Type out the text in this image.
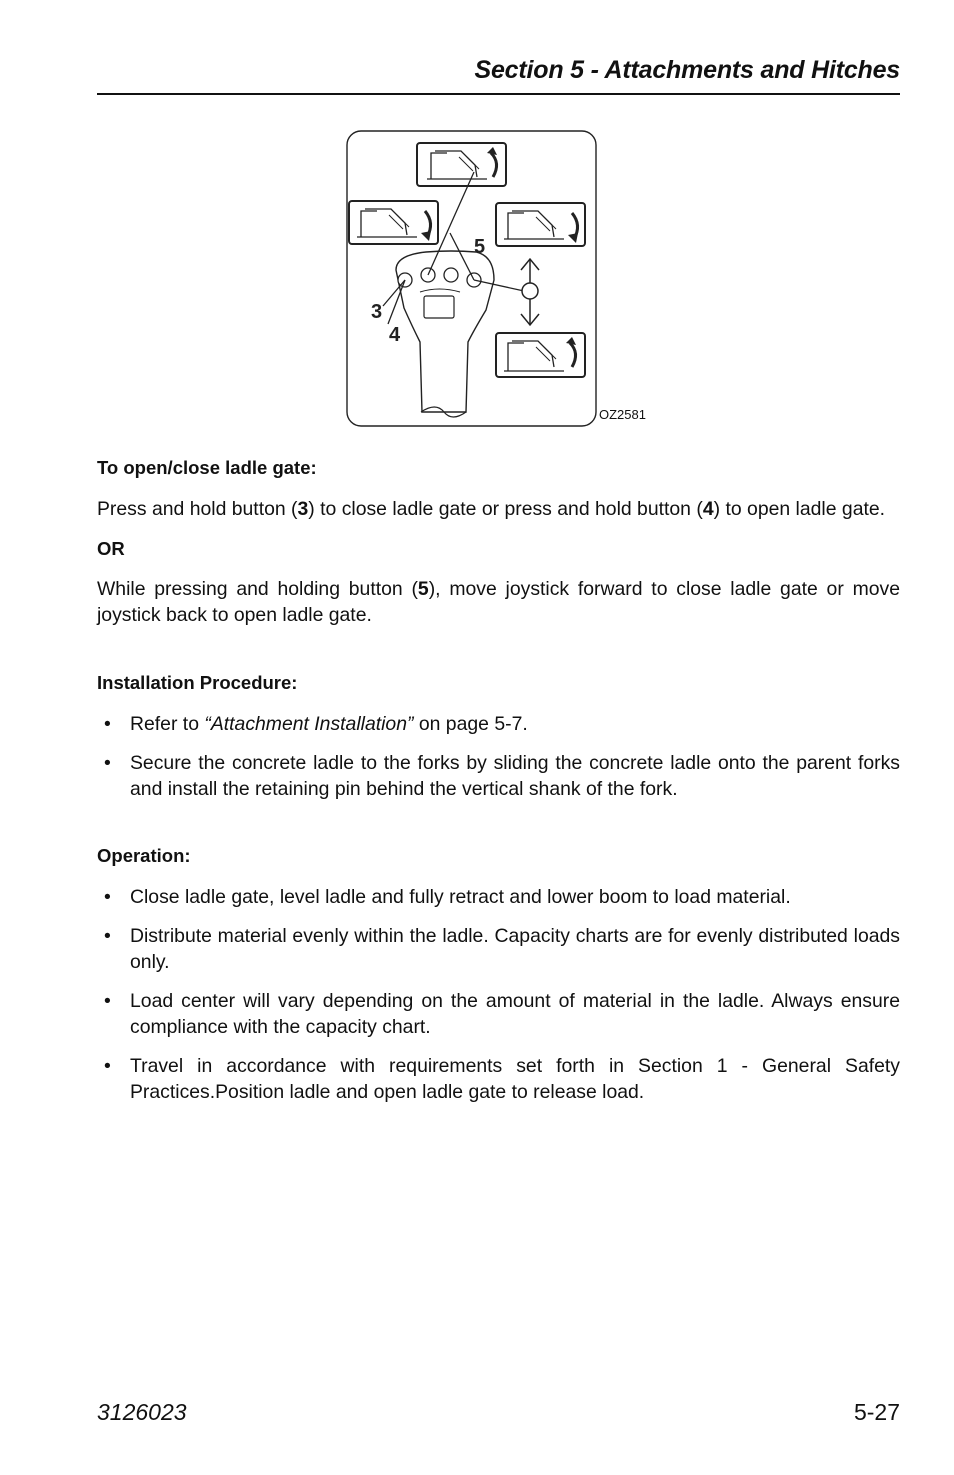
Section 5 - Attachments and Hitches
5
3
4
OZ2581
To open/close ladle gate:

Press and hold button (3) to close ladle gate or press and hold button (4) to open ladle gate.

OR

While pressing and holding button (5), move joystick forward to close ladle gate or move joystick back to open ladle gate.

Installation Procedure:
• Refer to “Attachment Installation” on page 5-7.
• Secure the concrete ladle to the forks by sliding the concrete ladle onto the parent forks and install the retaining pin behind the vertical shank of the fork.
Operation:
• Close ladle gate, level ladle and fully retract and lower boom to load material.
• Distribute material evenly within the ladle. Capacity charts are for evenly distributed loads only.
• Load center will vary depending on the amount of material in the ladle. Always ensure compliance with the capacity chart.
• Travel in accordance with requirements set forth in Section 1 - General Safety Practices.Position ladle and open ladle gate to release load.
3126023	5-27
